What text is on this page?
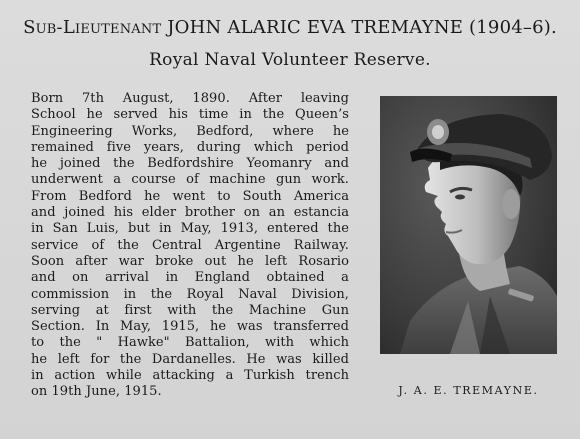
Sub-Lieutenant JOHN ALARIC EVA TREMAYNE (1904–6).
Royal Naval Volunteer Reserve.
Born 7th August, 1890. After leaving
School he served his time in the Queen’s
Engineering Works, Bedford, where he
remained five years, during which period
he joined the Bedfordshire Yeomanry and
underwent a course of machine gun work.
From Bedford he went to South America
and joined his elder brother on an estancia
in San Luis, but in May, 1913, entered the
service of the Central Argentine Railway.
Soon after war broke out he left Rosario
and on arrival in England obtained a
commission in the Royal Naval Division,
serving at first with the Machine Gun
Section. In May, 1915, he was transferred
to the " Hawke" Battalion, with which
he left for the Dardanelles. He was killed
in action while attacking a Turkish trench
on 19th June, 1915.	J. A. E. TREMAYNE.
